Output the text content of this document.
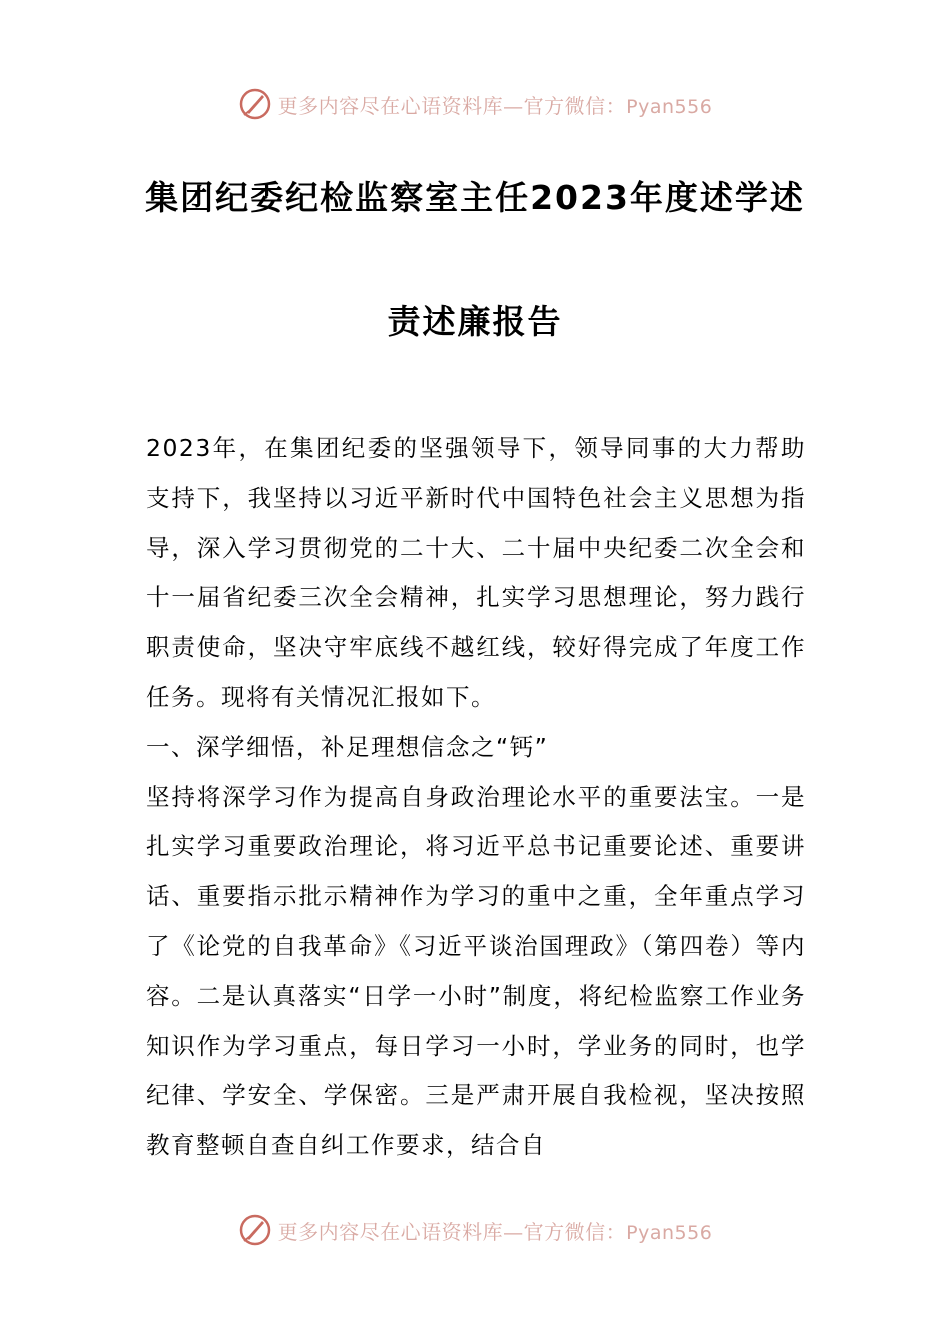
更多内容尽在心语资料库—官方微信：Pyan556
集团纪委纪检监察室主任2023年度述学述
责述廉报告

2023年，在集团纪委的坚强领导下，领导同事的大力帮助支持下，我坚持以习近平新时代中国特色社会主义思想为指导，深入学习贯彻党的二十大、二十届中央纪委二次全会和十一届省纪委三次全会精神，扎实学习思想理论，努力践行职责使命，坚决守牢底线不越红线，较好得完成了年度工作任务。现将有关情况汇报如下。

一、深学细悟，补足理想信念之“钙”

坚持将深学习作为提高自身政治理论水平的重要法宝。一是扎实学习重要政治理论，将习近平总书记重要论述、重要讲话、重要指示批示精神作为学习的重中之重，全年重点学习了《论党的自我革命》《习近平谈治国理政》（第四卷）等内容。二是认真落实“日学一小时”制度，将纪检监察工作业务知识作为学习重点，每日学习一小时，学业务的同时，也学纪律、学安全、学保密。三是严肃开展自我检视，坚决按照教育整顿自查自纠工作要求，结合自

更多内容尽在心语资料库—官方微信：Pyan556
